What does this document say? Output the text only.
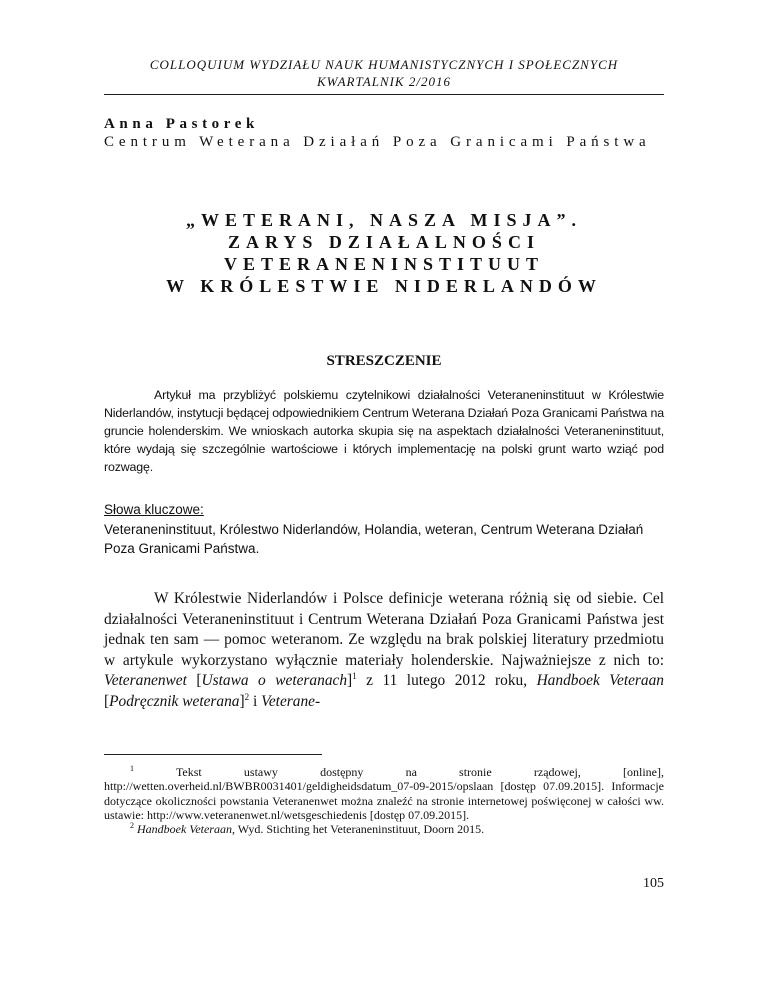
COLLOQUIUM WYDZIAŁU NAUK HUMANISTYCZNYCH I SPOŁECZNYCH
KWARTALNIK 2/2016
Anna Pastorek
Centrum Weterana Działań Poza Granicami Państwa
„WETERANI, NASZA MISJA”.
ZARYS DZIAŁALNOŚCI
VETERANENINSTITUUT
W KRÓLESTWIE NIDERLANDÓW
STRESZCZENIE
Artykuł ma przybliżyć polskiemu czytelnikowi działalności Veteraneninstituut w Królestwie Niderlandów, instytucji będącej odpowiednikiem Centrum Weterana Działań Poza Granicami Państwa na gruncie holenderskim. We wnioskach autorka skupia się na aspektach działalności Veteraneninstituut, które wydają się szczególnie wartościowe i których implementację na polski grunt warto wziąć pod rozwagę.
Słowa kluczowe:
Veteraneninstituut, Królestwo Niderlandów, Holandia, weteran, Centrum Weterana Działań Poza Granicami Państwa.
W Królestwie Niderlandów i Polsce definicje weterana różnią się od siebie. Cel działalności Veteraneninstituut i Centrum Weterana Działań Poza Granicami Państwa jest jednak ten sam — pomoc weteranom. Ze względu na brak polskiej literatury przedmiotu w artykule wykorzystano wyłącznie materiały holenderskie. Najważniejsze z nich to: Veteranenwet [Ustawa o weteranach]$^1$ z 11 lutego 2012 roku, Handboek Veteraan [Podręcznik weterana]$^2$ i Veterane-

$^1$ Tekst ustawy dostępny na stronie rządowej, [online], http://wetten.overheid.nl/BWBR0031401/geldigheidsdatum_07-09-2015/opslaan [dostęp 07.09.2015]. Informacje dotyczące okoliczności powstania Veteranenwet można znaleźć na stronie internetowej poświęconej w całości ww. ustawie: http://www.veteranenwet.nl/wetsgeschiedenis [dostęp 07.09.2015].

$^2$ Handboek Veteraan, Wyd. Stichting het Veteraneninstituut, Doorn 2015.

105
